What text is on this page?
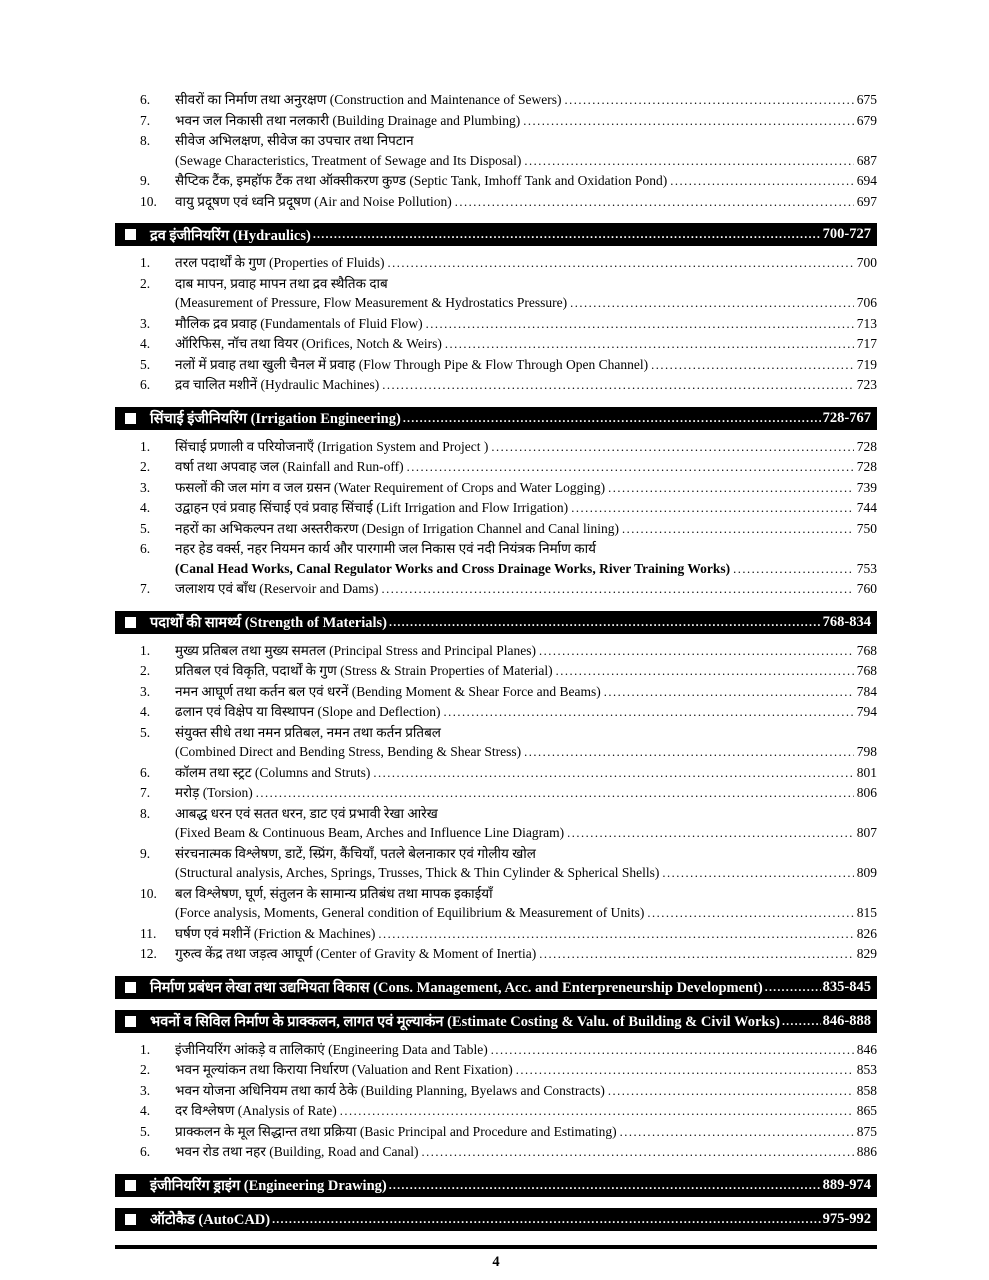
6.	सीवरों का निर्माण तथा अनुरक्षण (Construction and Maintenance of Sewers) .....	675
7.	भवन जल निकासी तथा नलकारी (Building Drainage and Plumbing) .....	679
8.	सीवेज अभिलक्षण, सीवेज का उपचार तथा निपटान
(Sewage Characteristics, Treatment of Sewage and Its Disposal) .....	687
9.	सैप्टिक टैंक, इमहॉफ टैंक तथा ऑक्सीकरण कुण्ड (Septic Tank, Imhoff Tank and Oxidation Pond) .....	694
10.	वायु प्रदूषण एवं ध्वनि प्रदूषण (Air and Noise Pollution) .....	697
द्रव इंजीनियरिंग (Hydraulics) .....	700-727
1.	तरल पदार्थों के गुण (Properties of Fluids) .....	700
2.	दाब मापन, प्रवाह मापन तथा द्रव स्थैतिक दाब
(Measurement of Pressure, Flow Measurement & Hydrostatics Pressure) .....	706
3.	मौलिक द्रव प्रवाह (Fundamentals of Fluid Flow) .....	713
4.	ऑरिफिस, नॉच तथा वियर (Orifices, Notch & Weirs) .....	717
5.	नलों में प्रवाह तथा खुली चैनल में प्रवाह (Flow Through Pipe & Flow Through Open Channel) .....	719
6.	द्रव चालित मशीनें (Hydraulic Machines) .....	723
सिंचाई इंजीनियरिंग (Irrigation Engineering) .....	728-767
1.	सिंचाई प्रणाली व परियोजनाएँ (Irrigation System and Project ) .....	728
2.	वर्षा तथा अपवाह जल (Rainfall and Run-off) .....	728
3.	फसलों की जल मांग व जल ग्रसन (Water Requirement of Crops and Water Logging) .....	739
4.	उद्वाहन एवं प्रवाह सिंचाई एवं प्रवाह सिंचाई (Lift Irrigation and Flow Irrigation) .....	744
5.	नहरों का अभिकल्पन तथा अस्तरीकरण (Design of Irrigation Channel and Canal lining) .....	750
6.	नहर हेड वर्क्स, नहर नियमन कार्य और पारगामी जल निकास एवं नदी नियंत्रक निर्माण कार्य
(Canal Head Works, Canal Regulator Works and Cross Drainage Works, River Training Works) .....	753
7.	जलाशय एवं बाँध (Reservoir and Dams) .....	760
पदार्थों की सामर्थ्य (Strength of Materials) .....	768-834
1.	मुख्य प्रतिबल तथा मुख्य समतल (Principal Stress and Principal Planes) .....	768
2.	प्रतिबल एवं विकृति, पदार्थों के गुण (Stress & Strain Properties of Material) .....	768
3.	नमन आघूर्ण तथा कर्तन बल एवं धरनें (Bending Moment & Shear Force and Beams) .....	784
4.	ढलान एवं विक्षेप या विस्थापन (Slope and Deflection) .....	794
5.	संयुक्त सीधे तथा नमन प्रतिबल, नमन तथा कर्तन प्रतिबल
(Combined Direct and Bending Stress, Bending & Shear Stress) .....	798
6.	कॉलम तथा स्ट्रट (Columns and Struts) .....	801
7.	मरोड़ (Torsion) .....	806
8.	आबद्ध धरन एवं सतत धरन, डाट एवं प्रभावी रेखा आरेख
(Fixed Beam & Continuous Beam, Arches and Influence Line Diagram) .....	807
9.	संरचनात्मक विश्लेषण, डाटें, स्प्रिंग, कैंचियाँ, पतले बेलनाकार एवं गोलीय खोल
(Structural analysis, Arches, Springs, Trusses, Thick & Thin Cylinder & Spherical Shells) .....	809
10.	बल विश्लेषण, घूर्ण, संतुलन के सामान्य प्रतिबंध तथा मापक इकाईयाँ
(Force analysis, Moments, General condition of Equilibrium & Measurement of Units) .....	815
11.	घर्षण एवं मशीनें (Friction & Machines) .....	826
12.	गुरुत्व केंद्र तथा जड़त्व आघूर्ण (Center of Gravity & Moment of Inertia) .....	829
निर्माण प्रबंधन लेखा तथा उद्यमियता विकास (Cons. Management, Acc. and Enterpreneurship Development) .....	835-845
भवनों व सिविल निर्माण के प्राक्कलन, लागत एवं मूल्याकंन (Estimate Costing & Valu. of Building & Civil Works) .....	846-888
1.	इंजीनियरिंग आंकड़े व तालिकाएं (Engineering Data and Table) .....	846
2.	भवन मूल्यांकन तथा किराया निर्धारण (Valuation and Rent Fixation) .....	853
3.	भवन योजना अधिनियम तथा कार्य ठेके (Building Planning, Byelaws and Constracts) .....	858
4.	दर विश्लेषण (Analysis of Rate) .....	865
5.	प्राक्कलन के मूल सिद्धान्त तथा प्रक्रिया (Basic Principal and Procedure and Estimating) .....	875
6.	भवन रोड तथा नहर (Building, Road and Canal) .....	886
इंजीनियरिंग ड्राइंग (Engineering Drawing) .....	889-974
ऑटोकैड (AutoCAD) .....	975-992
4
